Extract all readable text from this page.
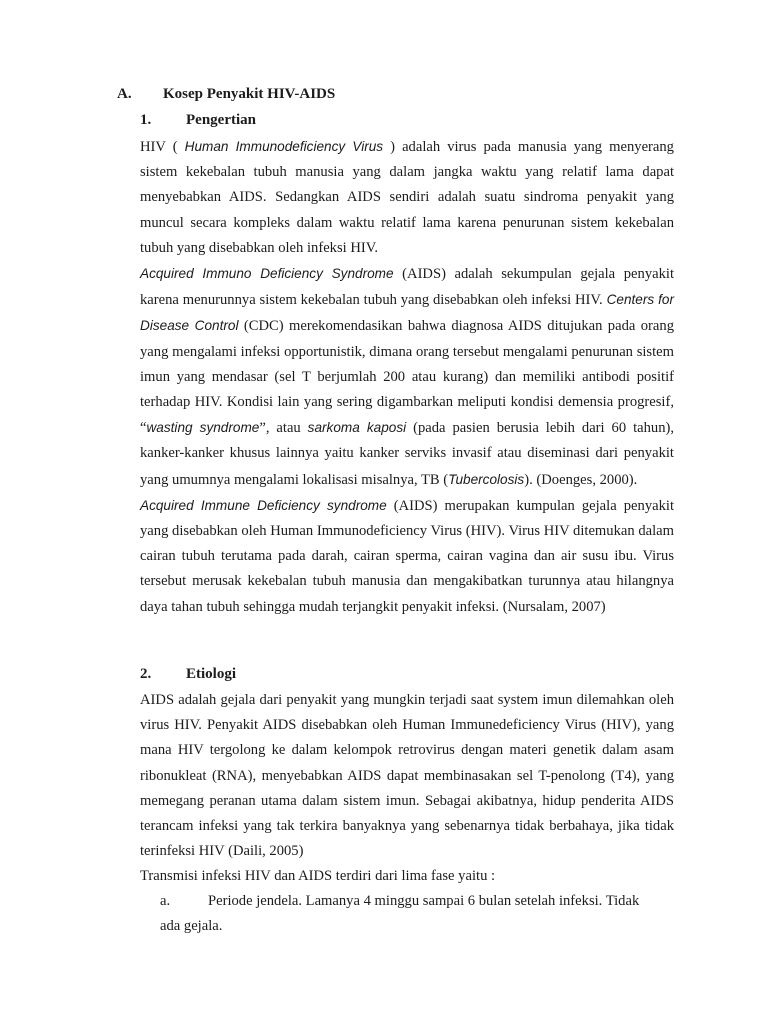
A. Kosep Penyakit HIV-AIDS
1. Pengertian

HIV ( Human Immunodeficiency Virus ) adalah virus pada manusia yang menyerang sistem kekebalan tubuh manusia yang dalam jangka waktu yang relatif lama dapat menyebabkan AIDS. Sedangkan AIDS sendiri adalah suatu sindroma penyakit yang muncul secara kompleks dalam waktu relatif lama karena penurunan sistem kekebalan tubuh yang disebabkan oleh infeksi HIV.

Acquired Immuno Deficiency Syndrome (AIDS) adalah sekumpulan gejala penyakit karena menurunnya sistem kekebalan tubuh yang disebabkan oleh infeksi HIV. Centers for Disease Control (CDC) merekomendasikan bahwa diagnosa AIDS ditujukan pada orang yang mengalami infeksi opportunistik, dimana orang tersebut mengalami penurunan sistem imun yang mendasar (sel T berjumlah 200 atau kurang) dan memiliki antibodi positif terhadap HIV. Kondisi lain yang sering digambarkan meliputi kondisi demensia progresif, “wasting syndrome”, atau sarkoma kaposi (pada pasien berusia lebih dari 60 tahun), kanker-kanker khusus lainnya yaitu kanker serviks invasif atau diseminasi dari penyakit yang umumnya mengalami lokalisasi misalnya, TB (Tubercolosis). (Doenges, 2000).

Acquired Immune Deficiency syndrome (AIDS) merupakan kumpulan gejala penyakit yang disebabkan oleh Human Immunodeficiency Virus (HIV). Virus HIV ditemukan dalam cairan tubuh terutama pada darah, cairan sperma, cairan vagina dan air susu ibu. Virus tersebut merusak kekebalan tubuh manusia dan mengakibatkan turunnya atau hilangnya daya tahan tubuh sehingga mudah terjangkit penyakit infeksi. (Nursalam, 2007)

2. Etiologi

AIDS adalah gejala dari penyakit yang mungkin terjadi saat system imun dilemahkan oleh virus HIV. Penyakit AIDS disebabkan oleh Human Immunedeficiency Virus (HIV), yang mana HIV tergolong ke dalam kelompok retrovirus dengan materi genetik dalam asam ribonukleat (RNA), menyebabkan AIDS dapat membinasakan sel T-penolong (T4), yang memegang peranan utama dalam sistem imun. Sebagai akibatnya, hidup penderita AIDS terancam infeksi yang tak terkira banyaknya yang sebenarnya tidak berbahaya, jika tidak terinfeksi HIV (Daili, 2005)

Transmisi infeksi HIV dan AIDS terdiri dari lima fase yaitu :

a.	Periode jendela. Lamanya 4 minggu sampai 6 bulan setelah infeksi. Tidak
ada gejala.
